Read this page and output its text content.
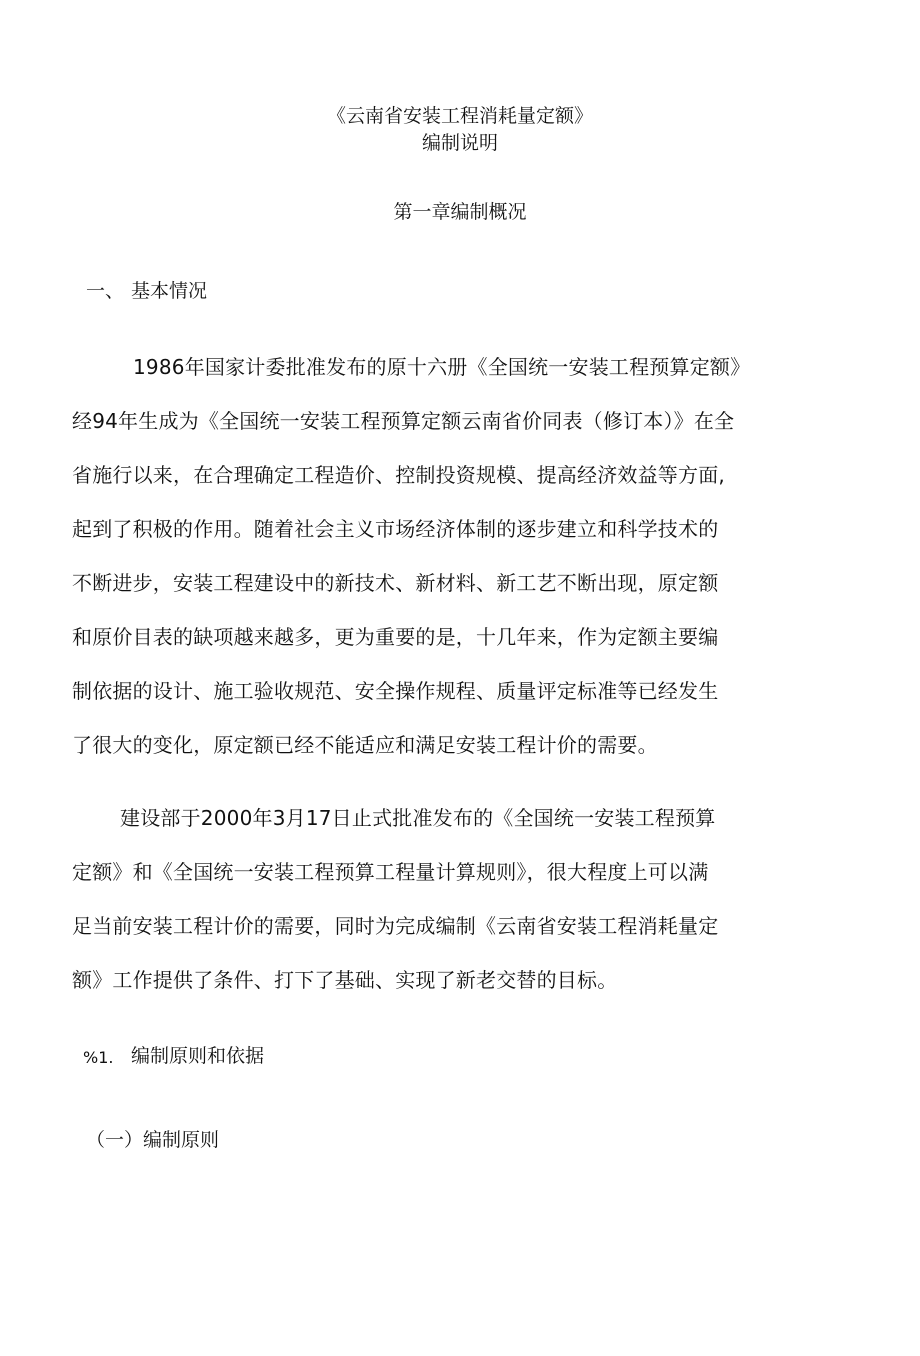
《云南省安装工程消耗量定额》
编制说明
第一章编制概况
一、 基本情况
1986年国家计委批准发布的原十六册《全国统一安装工程预算定额》
经94年生成为《全国统一安装工程预算定额云南省价同表（修订本）》在全
省施行以来，在合理确定工程造价、控制投资规模、提高经济效益等方面,
起到了积极的作用。随着社会主义市场经济体制的逐步建立和科学技术的
不断进步，安装工程建设中的新技术、新材料、新工艺不断出现，原定额
和原价目表的缺项越来越多，更为重要的是，十几年来，作为定额主要编
制依据的设计、施工验收规范、安全操作规程、质量评定标准等已经发生
了很大的变化，原定额已经不能适应和满足安装工程计价的需要。
建设部于2000年3月17日止式批准发布的《全国统一安装工程预算
定额》和《全国统一安装工程预算工程量计算规则》，很大程度上可以满
足当前安装工程计价的需要，同时为完成编制《云南省安装工程消耗量定
额》工作提供了条件、打下了基础、实现了新老交替的目标。
%1. 编制原则和依据
（一）编制原则
